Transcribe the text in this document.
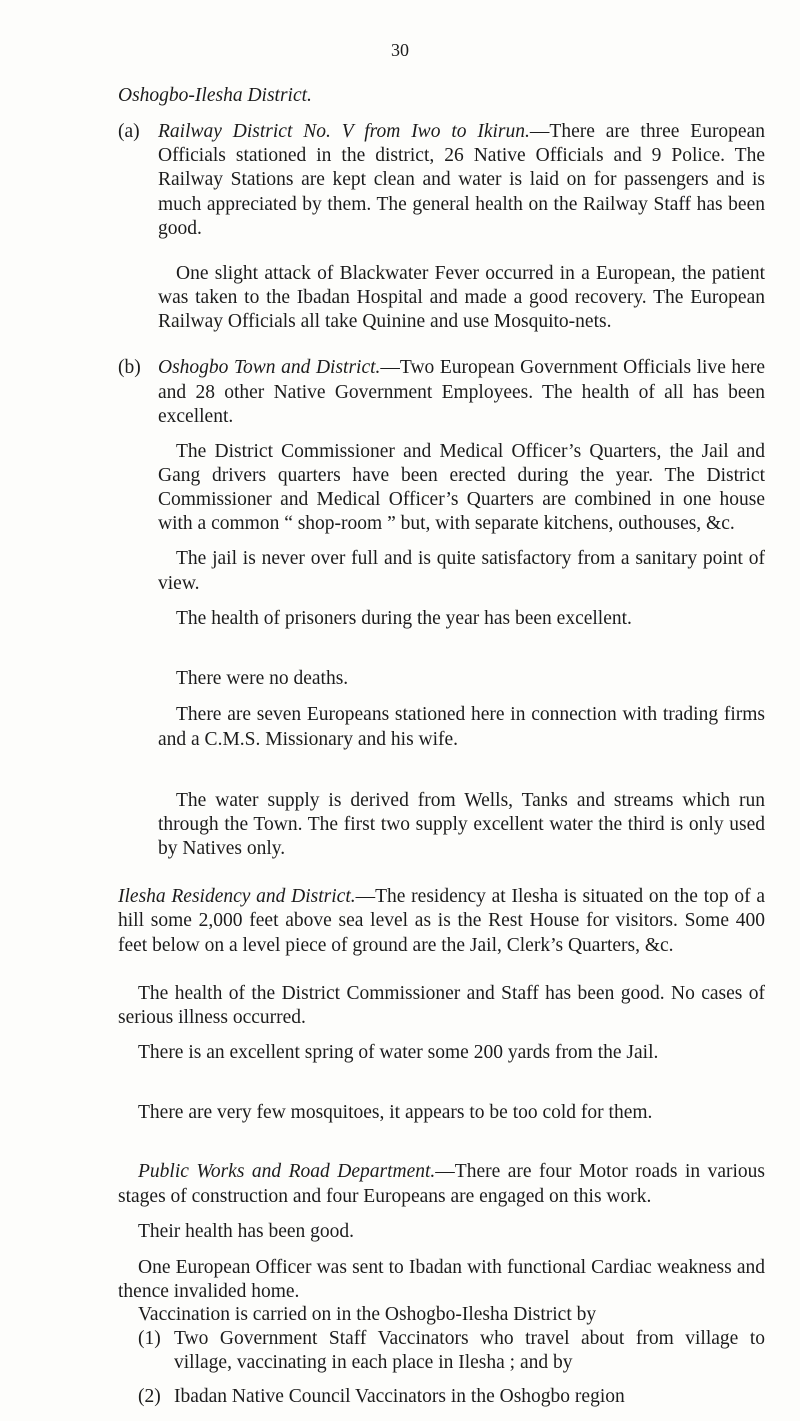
30
Oshogbo-Ilesha District.
(a) Railway District No. V from Iwo to Ikirun.—There are three European Officials stationed in the district, 26 Native Officials and 9 Police. The Railway Stations are kept clean and water is laid on for passengers and is much appreciated by them. The general health on the Railway Staff has been good.

One slight attack of Blackwater Fever occurred in a European, the patient was taken to the Ibadan Hospital and made a good recovery. The European Railway Officials all take Quinine and use Mosquito-nets.

(b) Oshogbo Town and District.—Two European Government Officials live here and 28 other Native Government Employees. The health of all has been excellent.

The District Commissioner and Medical Officer’s Quarters, the Jail and Gang drivers quarters have been erected during the year. The District Commissioner and Medical Officer’s Quarters are combined in one house with a common “ shop-room ” but, with separate kitchens, outhouses, &c.

The jail is never over full and is quite satisfactory from a sanitary point of view.

The health of prisoners during the year has been excellent.

There were no deaths.

There are seven Europeans stationed here in connection with trading firms and a C.M.S. Missionary and his wife.

The water supply is derived from Wells, Tanks and streams which run through the Town. The first two supply excellent water the third is only used by Natives only.

Ilesha Residency and District.—The residency at Ilesha is situated on the top of a hill some 2,000 feet above sea level as is the Rest House for visitors. Some 400 feet below on a level piece of ground are the Jail, Clerk’s Quarters, &c.

The health of the District Commissioner and Staff has been good. No cases of serious illness occurred.

There is an excellent spring of water some 200 yards from the Jail.

There are very few mosquitoes, it appears to be too cold for them.

Public Works and Road Department.—There are four Motor roads in various stages of construction and four Europeans are engaged on this work.

Their health has been good.

One European Officer was sent to Ibadan with functional Cardiac weakness and thence invalided home.

Vaccination is carried on in the Oshogbo-Ilesha District by

(1) Two Government Staff Vaccinators who travel about from village to village, vaccinating in each place in Ilesha ; and by

(2) Ibadan Native Council Vaccinators in the Oshogbo region
